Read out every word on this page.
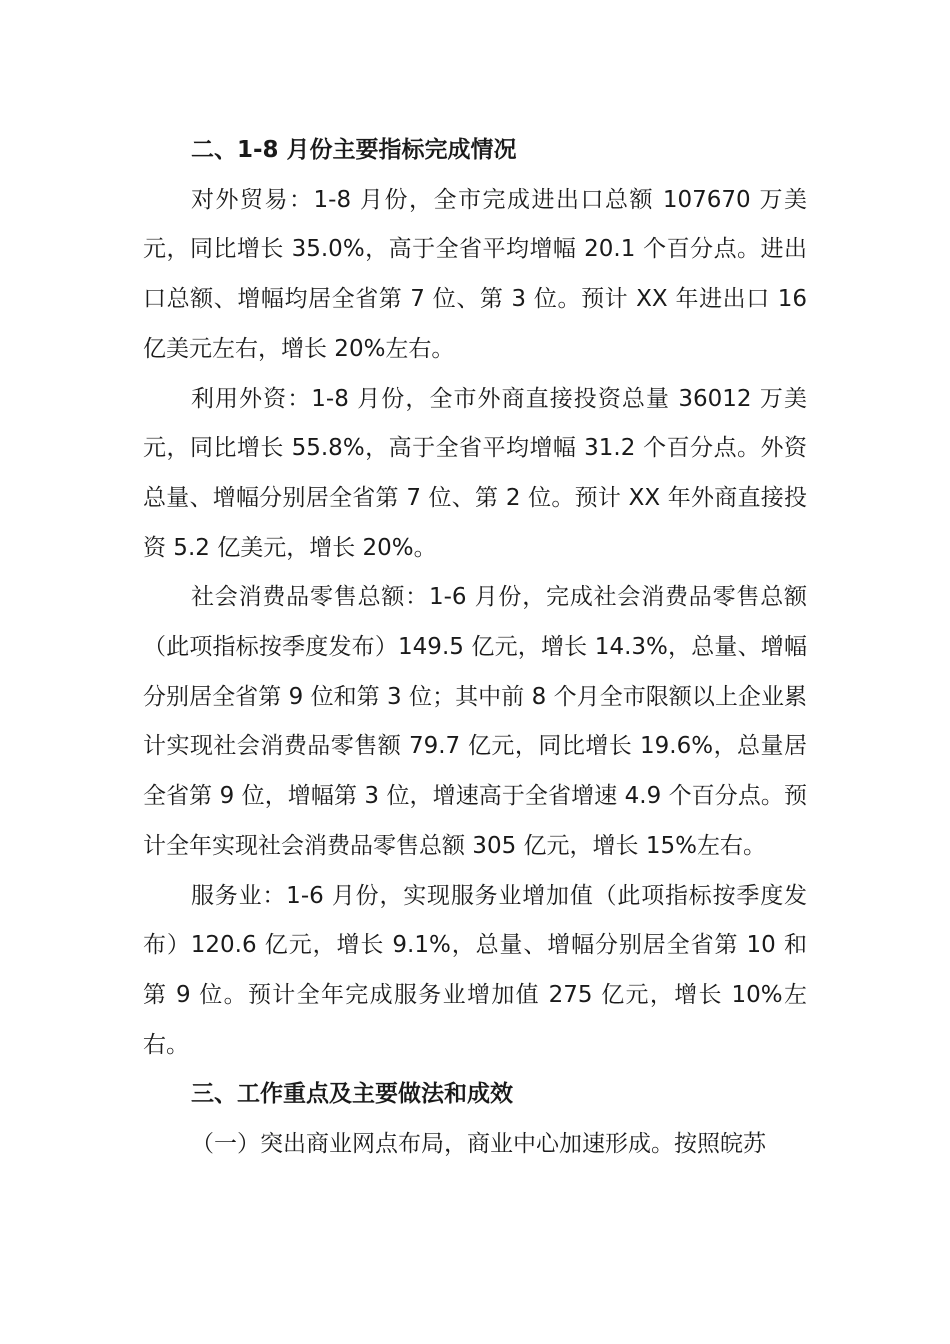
二、1-8 月份主要指标完成情况

对外贸易：1-8 月份，全市完成进出口总额 107670 万美元，同比增长 35.0%，高于全省平均增幅 20.1 个百分点。进出口总额、增幅均居全省第 7 位、第 3 位。预计 XX 年进出口 16 亿美元左右，增长 20%左右。

利用外资：1-8 月份，全市外商直接投资总量 36012 万美元，同比增长 55.8%，高于全省平均增幅 31.2 个百分点。外资总量、增幅分别居全省第 7 位、第 2 位。预计 XX 年外商直接投资 5.2 亿美元，增长 20%。

社会消费品零售总额：1-6 月份，完成社会消费品零售总额（此项指标按季度发布）149.5 亿元，增长 14.3%，总量、增幅分别居全省第 9 位和第 3 位；其中前 8 个月全市限额以上企业累计实现社会消费品零售额 79.7 亿元，同比增长 19.6%，总量居全省第 9 位，增幅第 3 位，增速高于全省增速 4.9 个百分点。预计全年实现社会消费品零售总额 305 亿元，增长 15%左右。

服务业：1-6 月份，实现服务业增加值（此项指标按季度发布）120.6 亿元，增长 9.1%，总量、增幅分别居全省第 10 和第 9 位。预计全年完成服务业增加值 275 亿元，增长 10%左右。

三、工作重点及主要做法和成效

（一）突出商业网点布局，商业中心加速形成。按照皖苏
